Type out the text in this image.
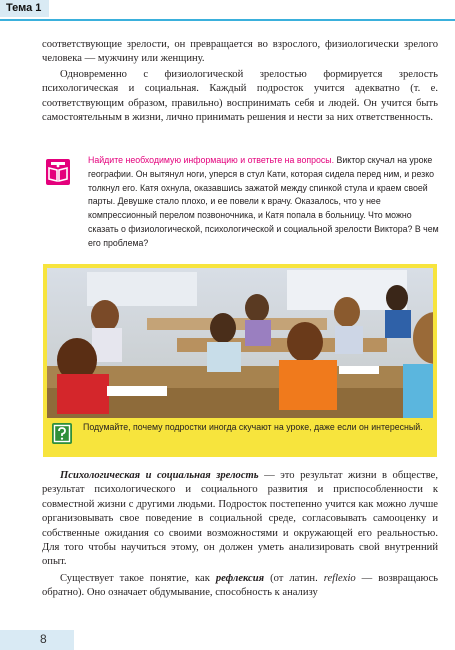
Тема 1

соответствующие зрелости, он превращается во взрослого, физиологически зрелого человека — мужчину или женщину.

Одновременно с физиологической зрелостью формируется зрелость психологическая и социальная. Каждый подросток учится адекватно (т. е. соответствующим образом, правильно) воспринимать себя и людей. Он учится быть самостоятельным в жизни, лично принимать решения и нести за них ответственность.

Найдите необходимую информацию и ответьте на вопросы. Виктор скучал на уроке географии. Он вытянул ноги, уперся в стул Кати, которая сидела перед ним, и резко толкнул его. Катя охнула, оказавшись зажатой между спинкой стула и краем своей парты. Девушке стало плохо, и ее повели к врачу. Оказалось, что у нее компрессионный перелом позвоночника, и Катя попала в больницу. Что можно сказать о физиологической, психологической и социальной зрелости Виктора? В чем его проблема?

Подумайте, почему подростки иногда скучают на уроке, даже если он интересный.

Психологическая и социальная зрелость — это результат жизни в обществе, результат психологического и социального развития и приспособленности к совместной жизни с другими людьми. Подросток постепенно учится как можно лучше организовывать свое поведение в социальной среде, согласовывать самооценку и собственные ожидания со своими возможностями и окружающей его реальностью. Для того чтобы научиться этому, он должен уметь анализировать свой внутренний опыт.

Существует такое понятие, как рефлексия (от латин. reflexio — возвращаюсь обратно). Оно означает обдумывание, способность к анализу

8
